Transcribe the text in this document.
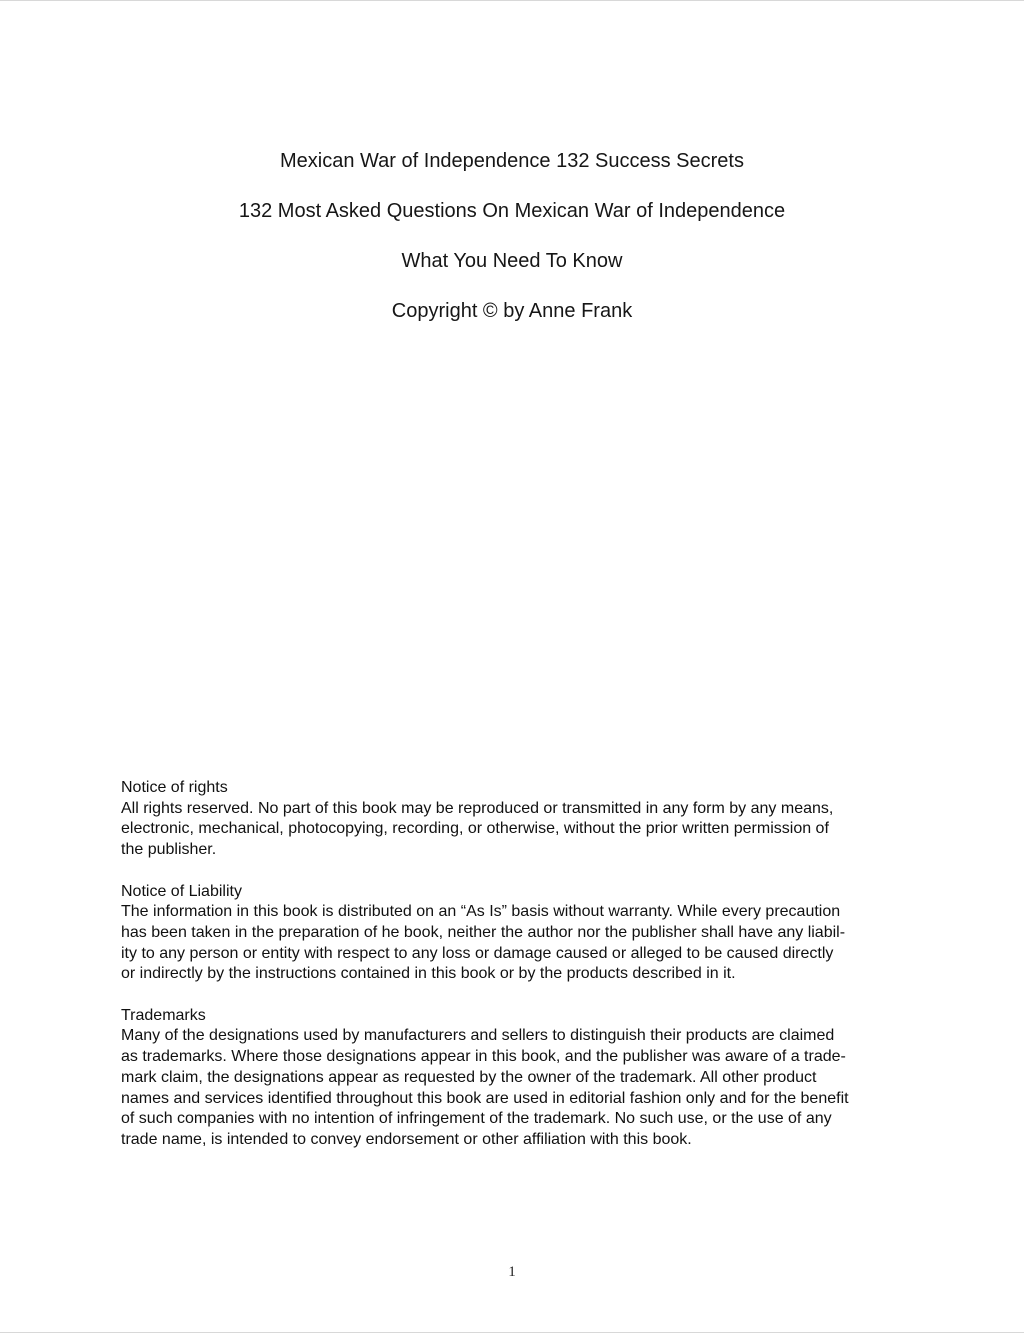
Mexican War of Independence 132 Success Secrets
132 Most Asked Questions On Mexican War of Independence
What You Need To Know
Copyright © by Anne Frank
Notice of rights
All rights reserved. No part of this book may be reproduced or transmitted in any form by any means,
electronic, mechanical, photocopying, recording, or otherwise, without the prior written permission of
the publisher.
Notice of Liability
The information in this book is distributed on an “As Is” basis without warranty. While every precaution
has been taken in the preparation of he book, neither the author nor the publisher shall have any liabil-
ity to any person or entity with respect to any loss or damage caused or alleged to be caused directly
or indirectly by the instructions contained in this book or by the products described in it.
Trademarks
Many of the designations used by manufacturers and sellers to distinguish their products are claimed
as trademarks. Where those designations appear in this book, and the publisher was aware of a trade-
mark claim, the designations appear as requested by the owner of the trademark. All other product
names and services identified throughout this book are used in editorial fashion only and for the benefit
of such companies with no intention of infringement of the trademark. No such use, or the use of any
trade name, is intended to convey endorsement or other affiliation with this book.
1
